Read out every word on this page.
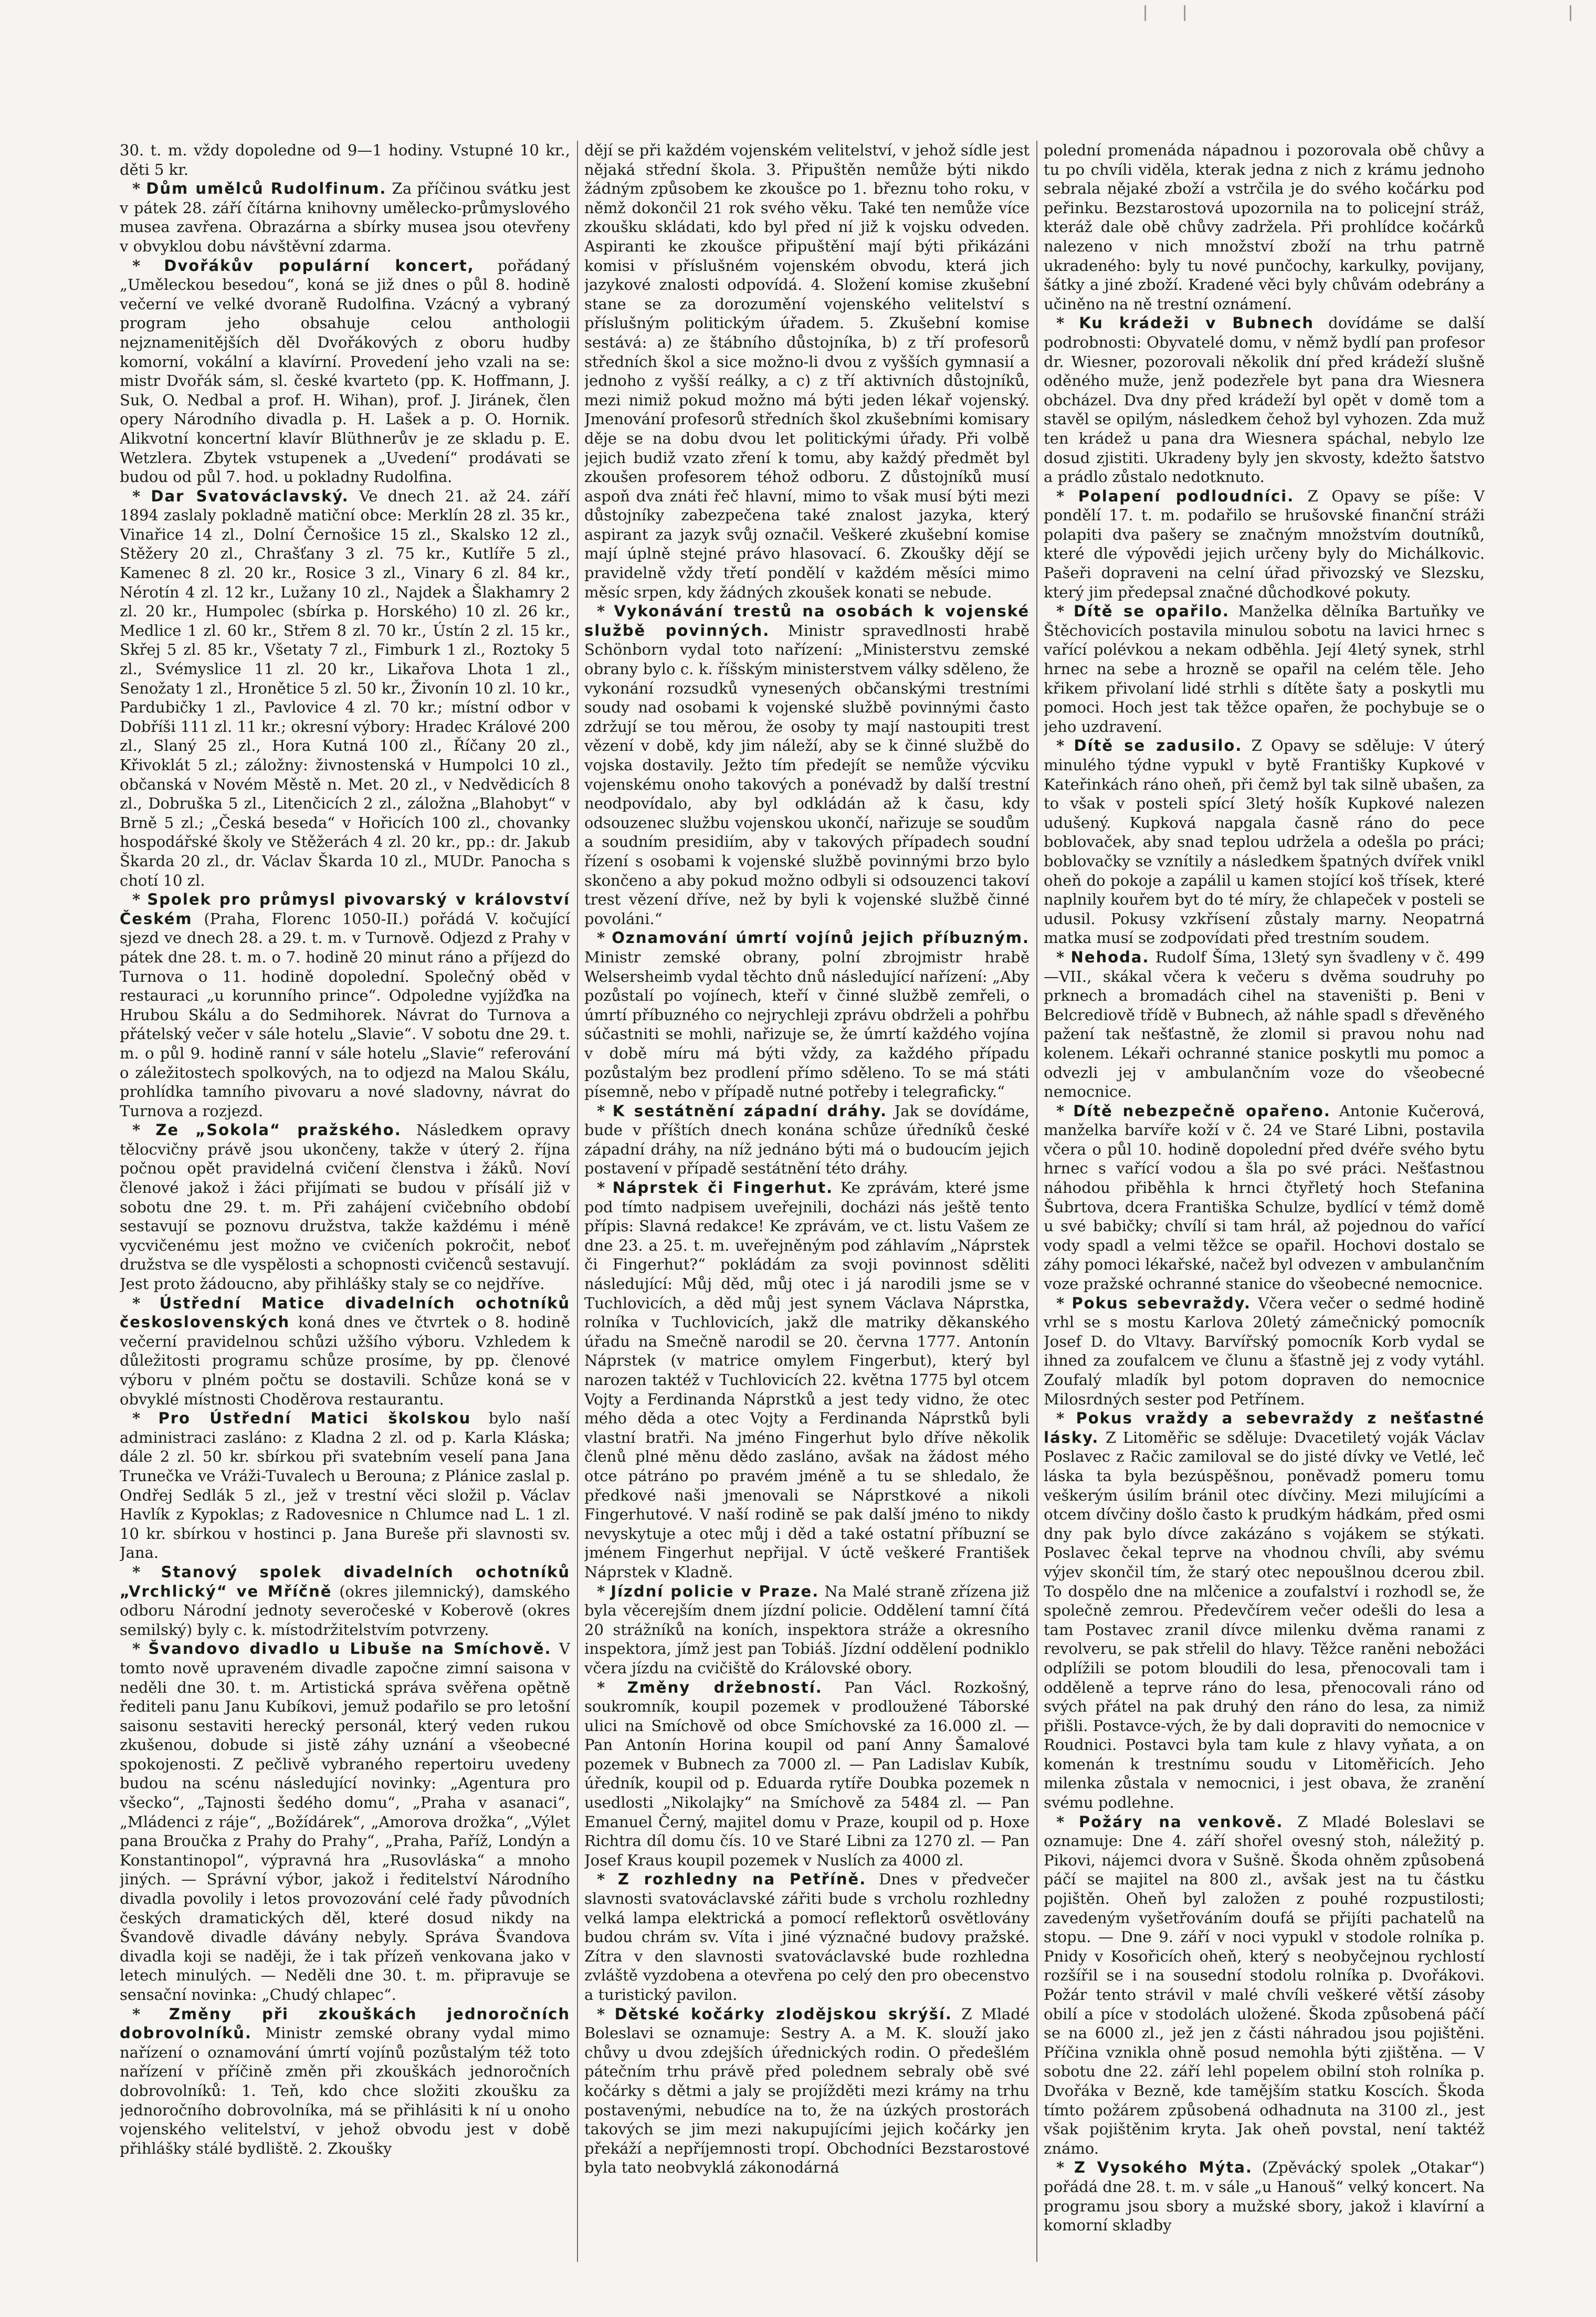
30. t. m. vždy dopoledne od 9—1 hodiny. Vstupné 10 kr., děti 5 kr.

* Dům umělců Rudolfinum. Za příčinou svátku jest v pátek 28. září čítárna knihovny umělecko-průmyslového musea zavřena. Obrazárna a sbírky musea jsou otevřeny v obvyklou dobu návštěvní zdarma.

* Dvořákův populární koncert, pořádaný „Uměleckou besedou“, koná se již dnes o půl 8. hodině večerní ve velké dvoraně Rudolfina. Vzácný a vybraný program jeho obsahuje celou anthologii nejznamenitějších děl Dvořákových z oboru hudby komorní, vokální a klavírní. Provedení jeho vzali na se: mistr Dvořák sám, sl. české kvarteto (pp. K. Hoffmann, J. Suk, O. Nedbal a prof. H. Wihan), prof. J. Jiránek, člen opery Národního divadla p. H. Lašek a p. O. Hornik. Alikvotní koncertní klavír Blüthnerův je ze skladu p. E. Wetzlera. Zbytek vstupenek a „Uvedení“ prodávati se budou od půl 7. hod. u pokladny Rudolfina.

* Dar Svatováclavský. Ve dnech 21. až 24. září 1894 zaslaly pokladně matiční obce: Merklín 28 zl. 35 kr., Vinařice 14 zl., Dolní Černošice 15 zl., Skalsko 12 zl., Stěžery 20 zl., Chrašťany 3 zl. 75 kr., Kutlíře 5 zl., Kamenec 8 zl. 20 kr., Rosice 3 zl., Vinary 6 zl. 84 kr., Nérotín 4 zl. 12 kr., Lužany 10 zl., Najdek a Šlakhamry 2 zl. 20 kr., Humpolec (sbírka p. Horského) 10 zl. 26 kr., Medlice 1 zl. 60 kr., Střem 8 zl. 70 kr., Ústín 2 zl. 15 kr., Skřej 5 zl. 85 kr., Všetaty 7 zl., Fimburk 1 zl., Roztoky 5 zl., Svémyslice 11 zl. 20 kr., Likařova Lhota 1 zl., Senožaty 1 zl., Hronětice 5 zl. 50 kr., Živonín 10 zl. 10 kr., Pardubičky 1 zl., Pavlovice 4 zl. 70 kr.; místní odbor v Dobříši 111 zl. 11 kr.; okresní výbory: Hradec Králové 200 zl., Slaný 25 zl., Hora Kutná 100 zl., Říčany 20 zl., Křivoklát 5 zl.; záložny: živnostenská v Humpolci 10 zl., občanská v Novém Městě n. Met. 20 zl., v Nedvědicích 8 zl., Dobruška 5 zl., Litenčicích 2 zl., záložna „Blahobyt“ v Brně 5 zl.; „Česká beseda“ v Hořicích 100 zl., chovanky hospodářské školy ve Stěžerách 4 zl. 20 kr., pp.: dr. Jakub Škarda 20 zl., dr. Václav Škarda 10 zl., MUDr. Panocha s chotí 10 zl.

* Spolek pro průmysl pivovarský v království Českém (Praha, Florenc 1050-II.) pořádá V. kočující sjezd ve dnech 28. a 29. t. m. v Turnově. Odjezd z Prahy v pátek dne 28. t. m. o 7. hodině 20 minut ráno a příjezd do Turnova o 11. hodině dopolední. Společný oběd v restauraci „u korunního prince“. Odpoledne vyjížďka na Hrubou Skálu a do Sedmihorek. Návrat do Turnova a přátelský večer v sále hotelu „Slavie“. V sobotu dne 29. t. m. o půl 9. hodině ranní v sále hotelu „Slavie“ referování o záležitostech spolkových, na to odjezd na Malou Skálu, prohlídka tamního pivovaru a nové sladovny, návrat do Turnova a rozjezd.

* Ze „Sokola“ pražského. Následkem opravy tělocvičny právě jsou ukončeny, takže v úterý 2. října počnou opět pravidelná cvičení členstva i žáků. Noví členové jakož i žáci přijímati se budou v přísálí již v sobotu dne 29. t. m. Při zahájení cvičebního období sestavují se poznovu družstva, takže každému i méně vycvičenému jest možno ve cvičeních pokročit, neboť družstva se dle vyspělosti a schopnosti cvičenců sestavují. Jest proto žádoucno, aby přihlášky staly se co nejdříve.

* Ústřední Matice divadelních ochotníků československých koná dnes ve čtvrtek o 8. hodině večerní pravidelnou schůzi užšího výboru. Vzhledem k důležitosti programu schůze prosíme, by pp. členové výboru v plném počtu se dostavili. Schůze koná se v obvyklé místnosti Choděrova restaurantu.

* Pro Ústřední Matici školskou bylo naší administraci zasláno: z Kladna 2 zl. od p. Karla Kláska; dále 2 zl. 50 kr. sbírkou při svatebním veselí pana Jana Trunečka ve Vráži-Tuvalech u Berouna; z Plánice zaslal p. Ondřej Sedlák 5 zl., jež v trestní věci složil p. Václav Havlík z Kypoklas; z Radovesnice n Chlumce nad L. 1 zl. 10 kr. sbírkou v hostinci p. Jana Bureše při slavnosti sv. Jana.

* Stanový spolek divadelních ochotníků „Vrchlický“ ve Mříčně (okres jilemnický), damského odboru Národní jednoty severočeské v Koberově (okres semilský) byly c. k. místodržitelstvím potvrzeny.

* Švandovo divadlo u Libuše na Smíchově. V tomto nově upraveném divadle započne zimní saisona v neděli dne 30. t. m. Artistická správa svěřena opětně řediteli panu Janu Kubíkovi, jemuž podařilo se pro letošní saisonu sestaviti herecký personál, který veden rukou zkušenou, dobude si jistě záhy uznání a všeobecné spokojenosti. Z pečlivě vybraného repertoiru uvedeny budou na scénu následující novinky: „Agentura pro všecko“, „Tajnosti šedého domu“, „Praha v asanaci“, „Mládenci z ráje“, „Božídárek“, „Amorova drožka“, „Výlet pana Broučka z Prahy do Prahy“, „Praha, Paříž, Londýn a Konstantinopol“, výpravná hra „Rusovláska“ a mnoho jiných. — Správní výbor, jakož i ředitelství Národního divadla povolily i letos provozování celé řady původních českých dramatických děl, které dosud nikdy na Švandově divadle dávány nebyly. Správa Švandova divadla koji se naději, že i tak přízeň venkovana jako v letech minulých. — Neděli dne 30. t. m. připravuje se sensační novinka: „Chudý chlapec“.

* Změny při zkouškách jednoročních dobrovolníků. Ministr zemské obrany vydal mimo nařízení o oznamování úmrtí vojínů pozůstalým též toto nařízení v příčině změn při zkouškách jednoročních dobrovolníků: 1. Teň, kdo chce složiti zkoušku za jednoročního dobrovolníka, má se přihlásiti k ní u onoho vojenského velitelství, v jehož obvodu jest v době přihlášky stálé bydliště. 2. Zkoušky

dějí se při každém vojenském velitelství, v jehož sídle jest nějaká střední škola. 3. Připuštěn nemůže býti nikdo žádným způsobem ke zkoušce po 1. březnu toho roku, v němž dokončil 21 rok svého věku. Také ten nemůže více zkoušku skládati, kdo byl před ní již k vojsku odveden. Aspiranti ke zkoušce připuštění mají býti přikázáni komisi v příslušném vojenském obvodu, která jich jazykové znalosti odpovídá. 4. Složení komise zkušební stane se za dorozumění vojenského velitelství s příslušným politickým úřadem. 5. Zkušební komise sestává: a) ze štábního důstojníka, b) z tří profesorů středních škol a sice možno-li dvou z vyšších gymnasií a jednoho z vyšší reálky, a c) z tří aktivních důstojníků, mezi nimiž pokud možno má býti jeden lékař vojenský. Jmenování profesorů středních škol zkušebními komisary děje se na dobu dvou let politickými úřady. Při volbě jejich budiž vzato zření k tomu, aby každý předmět byl zkoušen profesorem téhož odboru. Z důstojníků musí aspoň dva znáti řeč hlavní, mimo to však musí býti mezi důstojníky zabezpečena také znalost jazyka, který aspirant za jazyk svůj označil. Veškeré zkušební komise mají úplně stejné právo hlasovací. 6. Zkoušky dějí se pravidelně vždy třetí pondělí v každém měsíci mimo měsíc srpen, kdy žádných zkoušek konati se nebude.

* Vykonávání trestů na osobách k vojenské službě povinných. Ministr spravedlnosti hrabě Schönborn vydal toto nařízení: „Ministerstvu zemské obrany bylo c. k. říšským ministerstvem války sděleno, že vykonání rozsudků vynesených občanskými trestními soudy nad osobami k vojenské službě povinnými často zdržují se tou měrou, že osoby ty mají nastoupiti trest vězení v době, kdy jim náleží, aby se k činné službě do vojska dostavily. Ježto tím předejít se nemůže výcviku vojenskému onoho takových a ponévadž by další trestní neodpovídalo, aby byl odkládán až k času, kdy odsouzenec službu vojenskou ukončí, nařizuje se soudům a soudním presidiím, aby v takových případech soudní řízení s osobami k vojenské službě povinnými brzo bylo skončeno a aby pokud možno odbyli si odsouzenci takoví trest vězení dříve, než by byli k vojenské službě činné povoláni.“

* Oznamování úmrtí vojínů jejich příbuzným. Ministr zemské obrany, polní zbrojmistr hrabě Welsersheimb vydal těchto dnů následující nařízení: „Aby pozůstalí po vojínech, kteří v činné službě zemřeli, o úmrtí příbuzného co nejrychleji zprávu obdrželi a pohřbu súčastniti se mohli, nařizuje se, že úmrtí každého vojína v době míru má býti vždy, za každého případu pozůstalým bez prodlení přímo sděleno. To se má státi písemně, nebo v případě nutné potřeby i telegraficky.“

* K sestátnění západní dráhy. Jak se dovídáme, bude v příštích dnech konána schůze úředníků české západní dráhy, na níž jednáno býti má o budoucím jejich postavení v případě sestátnění této dráhy.

* Náprstek či Fingerhut. Ke zprávám, které jsme pod tímto nadpisem uveřejnili, docházi nás ještě tento přípis: Slavná redakce! Ke zprávám, ve ct. listu Vašem ze dne 23. a 25. t. m. uveřejněným pod záhlavím „Náprstek či Fingerhut?“ pokládám za svoji povinnost sděliti následující: Můj děd, můj otec i já narodili jsme se v Tuchlovicích, a děd můj jest synem Václava Náprstka, rolníka v Tuchlovicích, jakž dle matriky děkanského úřadu na Smečně narodil se 20. června 1777. Antonín Náprstek (v matrice omylem Fingerbut), který byl narozen taktéž v Tuchlovicích 22. května 1775 byl otcem Vojty a Ferdinanda Náprstků a jest tedy vidno, že otec mého děda a otec Vojty a Ferdinanda Náprstků byli vlastní bratři. Na jméno Fingerhut bylo dříve několik členů plné měnu dědo zasláno, avšak na žádost mého otce pátráno po pravém jméně a tu se shledalo, že předkové naši jmenovali se Náprstkové a nikoli Fingerhutové. V naší rodině se pak další jméno to nikdy nevyskytuje a otec můj i děd a také ostatní příbuzní se jménem Fingerhut nepřijal. V úctě veškeré František Náprstek v Kladně.

* Jízdní policie v Praze. Na Malé straně zřízena již byla věcerejším dnem jízdní policie. Oddělení tamní čítá 20 strážníků na koních, inspektora stráže a okresního inspektora, jímž jest pan Tobiáš. Jízdní oddělení podniklo včera jízdu na cvičiště do Královské obory.

* Změny držebností. Pan Václ. Rozkošný, soukromník, koupil pozemek v prodloužené Táborské ulici na Smíchově od obce Smíchovské za 16.000 zl. — Pan Antonín Horina koupil od paní Anny Šamalové pozemek v Bubnech za 7000 zl. — Pan Ladislav Kubík, úředník, koupil od p. Eduarda rytíře Doubka pozemek n usedlosti „Nikolajky“ na Smíchově za 5484 zl. — Pan Emanuel Černý, majitel domu v Praze, koupil od p. Hoxe Richtra díl domu čís. 10 ve Staré Libni za 1270 zl. — Pan Josef Kraus koupil pozemek v Nuslích za 4000 zl.

* Z rozhledny na Petříně. Dnes v předvečer slavnosti svatováclavské zářiti bude s vrcholu rozhledny velká lampa elektrická a pomocí reflektorů osvětlovány budou chrám sv. Víta i jiné význačné budovy pražské. Zítra v den slavnosti svatováclavské bude rozhledna zvláště vyzdobena a otevřena po celý den pro obecenstvo a turistický pavilon.

* Dětské kočárky zlodějskou skrýší. Z Mladé Boleslavi se oznamuje: Sestry A. a M. K. slouží jako chůvy u dvou zdejších úřednických rodin. O předešlém pátečním trhu právě před polednem sebraly obě své kočárky s dětmi a jaly se projížděti mezi krámy na trhu postavenými, nebudíce na to, že na úzkých prostorách takových se jim mezi nakupujícími jejich kočárky jen překáží a nepříjemnosti tropí. Obchodníci Bezstarostové byla tato neobvyklá zákonodárná

polední promenáda nápadnou i pozorovala obě chůvy a tu po chvíli viděla, kterak jedna z nich z krámu jednoho sebrala nějaké zboží a vstrčila je do svého kočárku pod peřinku. Bezstarostová upozornila na to policejní stráž, kteráž dale obě chůvy zadržela. Při prohlídce kočárků nalezeno v nich množství zboží na trhu patrně ukradeného: byly tu nové punčochy, karkulky, povijany, šátky a jiné zboží. Kradené věci byly chůvám odebrány a učiněno na ně trestní oznámení.

* Ku krádeži v Bubnech dovídáme se další podrobnosti: Obyvatelé domu, v němž bydlí pan profesor dr. Wiesner, pozorovali několik dní před krádeží slušně oděného muže, jenž podezřele byt pana dra Wiesnera obcházel. Dva dny před krádeží byl opět v domě tom a stavěl se opilým, následkem čehož byl vyhozen. Zda muž ten krádež u pana dra Wiesnera spáchal, nebylo lze dosud zjistiti. Ukradeny byly jen skvosty, kdežto šatstvo a prádlo zůstalo nedotknuto.

* Polapení podloudníci. Z Opavy se píše: V pondělí 17. t. m. podařilo se hrušovské finanční stráži polapiti dva pašery se značným množstvím doutníků, které dle výpovědi jejich určeny byly do Michálkovic. Pašeři dopraveni na celní úřad přivozský ve Slezsku, který jim předepsal značné důchodkové pokuty.

* Dítě se opařilo. Manželka dělníka Bartuňky ve Štěchovicích postavila minulou sobotu na lavici hrnec s vařící polévkou a nekam odběhla. Její 4letý synek, strhl hrnec na sebe a hrozně se opařil na celém těle. Jeho křikem přivolaní lidé strhli s dítěte šaty a poskytli mu pomoci. Hoch jest tak těžce opařen, že pochybuje se o jeho uzdravení.

* Dítě se zadusilo. Z Opavy se sděluje: V úterý minulého týdne vypukl v bytě Františky Kupkové v Kateřinkách ráno oheň, při čemž byl tak silně ubašen, za to však v posteli spící 3letý hošík Kupkové nalezen udušený. Kupková napgala časně ráno do pece boblovaček, aby snad teplou udržela a odešla po práci; boblovačky se vznítily a následkem špatných dvířek vnikl oheň do pokoje a zapálil u kamen stojící koš třísek, které naplnily kouřem byt do té míry, že chlapeček v posteli se udusil. Pokusy vzkřísení zůstaly marny. Neopatrná matka musí se zodpovídati před trestním soudem.

* Nehoda. Rudolf Šíma, 13letý syn švadleny v č. 499—VII., skákal včera k večeru s dvěma soudruhy po prknech a bromadách cihel na staveništi p. Beni v Belcrediově třídě v Bubnech, až náhle spadl s dřevěného pažení tak nešťastně, že zlomil si pravou nohu nad kolenem. Lékaři ochranné stanice poskytli mu pomoc a odvezli jej v ambulančním voze do všeobecné nemocnice.

* Dítě nebezpečně opařeno. Antonie Kučerová, manželka barvíře koží v č. 24 ve Staré Libni, postavila včera o půl 10. hodině dopolední před dvéře svého bytu hrnec s vařící vodou a šla po své práci. Nešťastnou náhodou přiběhla k hrnci čtyřletý hoch Stefanina Šubrtova, dcera Františka Schulze, bydlící v témž domě u své babičky; chvílí si tam hrál, až pojednou do vařící vody spadl a velmi těžce se opařil. Hochovi dostalo se záhy pomoci lékařské, načež byl odvezen v ambulančním voze pražské ochranné stanice do všeobecné nemocnice.

* Pokus sebevraždy. Včera večer o sedmé hodině vrhl se s mostu Karlova 20letý zámečnický pomocník Josef D. do Vltavy. Barvířský pomocník Korb vydal se ihned za zoufalcem ve člunu a šťastně jej z vody vytáhl. Zoufalý mladík byl potom dopraven do nemocnice Milosrdných sester pod Petřínem.

* Pokus vraždy a sebevraždy z nešťastné lásky. Z Litoměřic se sděluje: Dvacetiletý voják Václav Poslavec z Račic zamiloval se do jisté dívky ve Vetlé, leč láska ta byla bezúspěšnou, poněvadž pomeru tomu veškerým úsilím bránil otec dívčiny. Mezi milujícími a otcem dívčiny došlo často k prudkým hádkám, před osmi dny pak bylo dívce zakázáno s vojákem se stýkati. Poslavec čekal teprve na vhodnou chvíli, aby svému výjev skončil tím, že starý otec nepoušlnou dcerou zbil. To dospělo dne na mlčenice a zoufalství i rozhodl se, že společně zemrou. Předevčírem večer odešli do lesa a tam Postavec zranil dívce milenku dvěma ranami z revolveru, se pak střelil do hlavy. Těžce raněni nebožáci odplížili se potom bloudili do lesa, přenocovali tam i odděleně a teprve ráno do lesa, přenocovali ráno od svých přátel na pak druhý den ráno do lesa, za nimiž přišli. Postavce-vých, že by dali dopraviti do nemocnice v Roudnici. Postavci byla tam kule z hlavy vyňata, a on komenán k trestnímu soudu v Litoměřicích. Jeho milenka zůstala v nemocnici, i jest obava, že zranění svému podlehne.

* Požáry na venkově. Z Mladé Boleslavi se oznamuje: Dne 4. září shořel ovesný stoh, náležitý p. Pikovi, nájemci dvora v Sušně. Škoda ohněm způsobená páčí se majitel na 800 zl., avšak jest na tu částku pojištěn. Oheň byl založen z pouhé rozpustilosti; zavedeným vyšetřováním doufá se přijíti pachatelů na stopu. — Dne 9. září v noci vypukl v stodole rolníka p. Pnidy v Kosořicích oheň, který s neobyčejnou rychlostí rozšířil se i na sousední stodolu rolníka p. Dvořákovi. Požár tento strávil v malé chvíli veškeré větší zásoby obilí a píce v stodolách uložené. Škoda způsobená páčí se na 6000 zl., jež jen z části náhradou jsou pojištěni. Příčina vznikla ohně posud nemohla býti zjištěna. — V sobotu dne 22. září lehl popelem obilní stoh rolníka p. Dvořáka v Bezně, kde tamějším statku Koscích. Škoda tímto požárem způsobená odhadnuta na 3100 zl., jest však pojištěnim kryta. Jak oheň povstal, není taktéž známo.

* Z Vysokého Mýta. (Zpěvácký spolek „Otakar“) pořádá dne 28. t. m. v sále „u Hanouš“ velký koncert. Na programu jsou sbory a mužské sbory, jakož i klavírní a komorní skladby
